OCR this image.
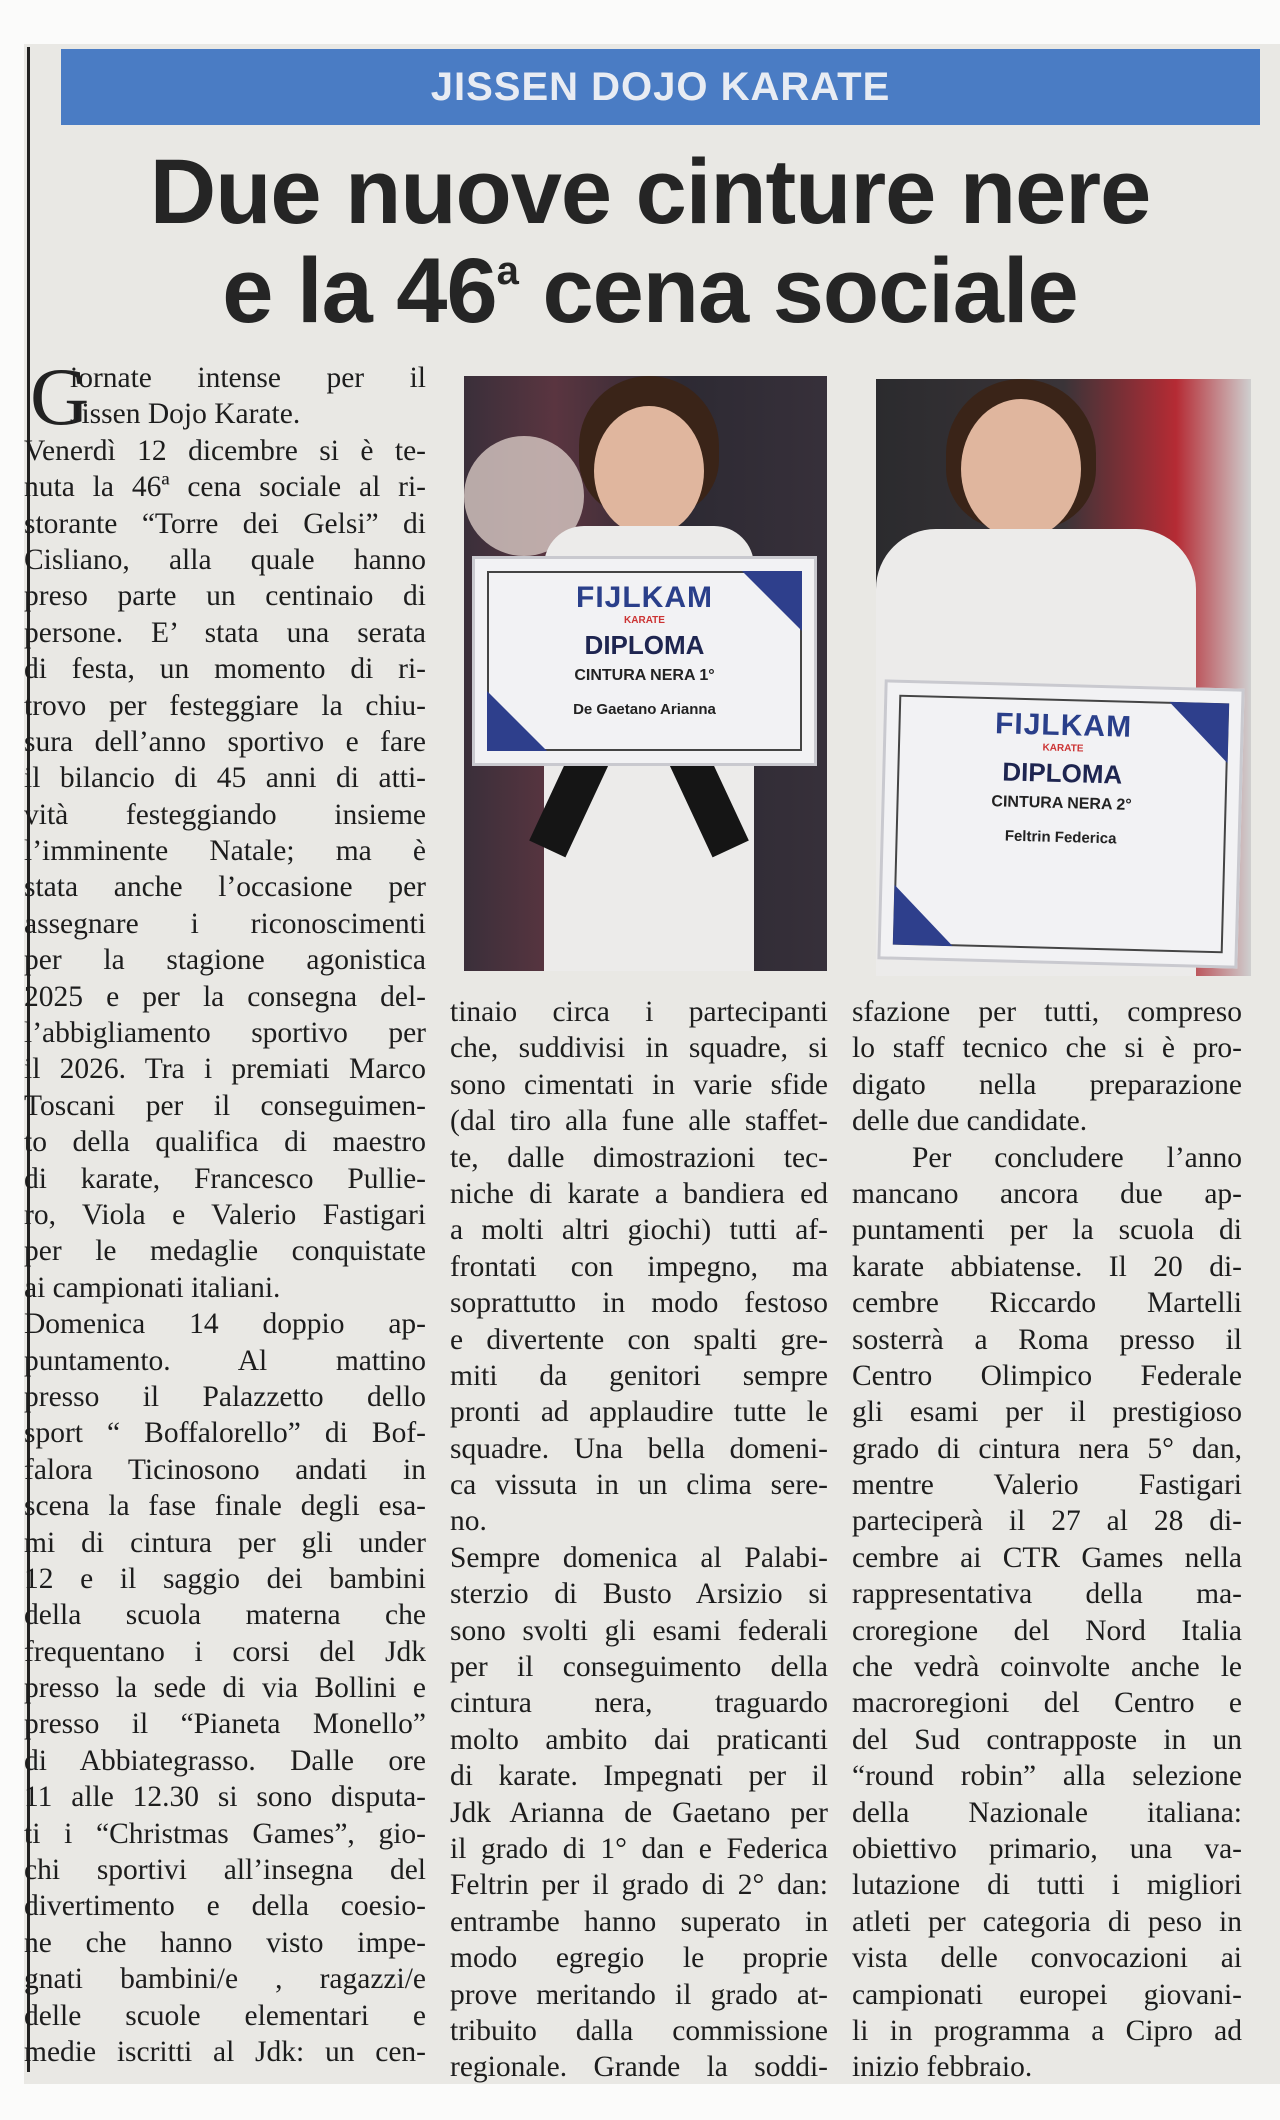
JISSEN DOJO KARATE
Due nuove cinture nere
e la 46$^a$ cena sociale
FIJLKAM
KARATE
DIPLOMA
CINTURA NERA 1°
De Gaetano Arianna	FIJLKAM
KARATE
DIPLOMA
CINTURA NERA 2°
Feltrin Federica
G
iornate intense per il
Jissen Dojo Karate.
Venerdì 12 dicembre si è te-
nuta la 46ª cena sociale al ri-
storante “Torre dei Gelsi” di
Cisliano, alla quale hanno
preso parte un centinaio di
persone. E’ stata una serata
di festa, un momento di ri-
trovo per festeggiare la chiu-
sura dell’anno sportivo e fare
il bilancio di 45 anni di atti-
vità festeggiando insieme
l’imminente Natale; ma è
stata anche l’occasione per
assegnare i riconoscimenti
per la stagione agonistica
2025 e per la consegna del-
l’abbigliamento sportivo per
il 2026. Tra i premiati Marco
Toscani per il conseguimen-
to della qualifica di maestro
di karate, Francesco Pullie-
ro, Viola e Valerio Fastigari
per le medaglie conquistate
ai campionati italiani.
Domenica 14 doppio ap-
puntamento. Al mattino
presso il Palazzetto dello
sport “ Boffalorello” di Bof-
falora Ticinosono andati in
scena la fase finale degli esa-
mi di cintura per gli under
12 e il saggio dei bambini
della scuola materna che
frequentano i corsi del Jdk
presso la sede di via Bollini e
presso il “Pianeta Monello”
di Abbiategrasso. Dalle ore
11 alle 12.30 si sono disputa-
ti i “Christmas Games”, gio-
chi sportivi all’insegna del
divertimento e della coesio-
ne che hanno visto impe-
gnati bambini/e , ragazzi/e
delle scuole elementari e
medie iscritti al Jdk: un cen-
tinaio circa i partecipanti
che, suddivisi in squadre, si
sono cimentati in varie sfide
(dal tiro alla fune alle staffet-
te, dalle dimostrazioni tec-
niche di karate a bandiera ed
a molti altri giochi) tutti af-
frontati con impegno, ma
soprattutto in modo festoso
e divertente con spalti gre-
miti da genitori sempre
pronti ad applaudire tutte le
squadre. Una bella domeni-
ca vissuta in un clima sere-
no.
Sempre domenica al Palabi-
sterzio di Busto Arsizio si
sono svolti gli esami federali
per il conseguimento della
cintura nera, traguardo
molto ambito dai praticanti
di karate. Impegnati per il
Jdk Arianna de Gaetano per
il grado di 1° dan e Federica
Feltrin per il grado di 2° dan:
entrambe hanno superato in
modo egregio le proprie
prove meritando il grado at-
tribuito dalla commissione
regionale. Grande la soddi-
sfazione per tutti, compreso
lo staff tecnico che si è pro-
digato nella preparazione
delle due candidate.
Per concludere l’anno
mancano ancora due ap-
puntamenti per la scuola di
karate abbiatense. Il 20 di-
cembre Riccardo Martelli
sosterrà a Roma presso il
Centro Olimpico Federale
gli esami per il prestigioso
grado di cintura nera 5° dan,
mentre Valerio Fastigari
parteciperà il 27 al 28 di-
cembre ai CTR Games nella
rappresentativa della ma-
croregione del Nord Italia
che vedrà coinvolte anche le
macroregioni del Centro e
del Sud contrapposte in un
“round robin” alla selezione
della Nazionale italiana:
obiettivo primario, una va-
lutazione di tutti i migliori
atleti per categoria di peso in
vista delle convocazioni ai
campionati europei giovani-
li in programma a Cipro ad
inizio febbraio.
